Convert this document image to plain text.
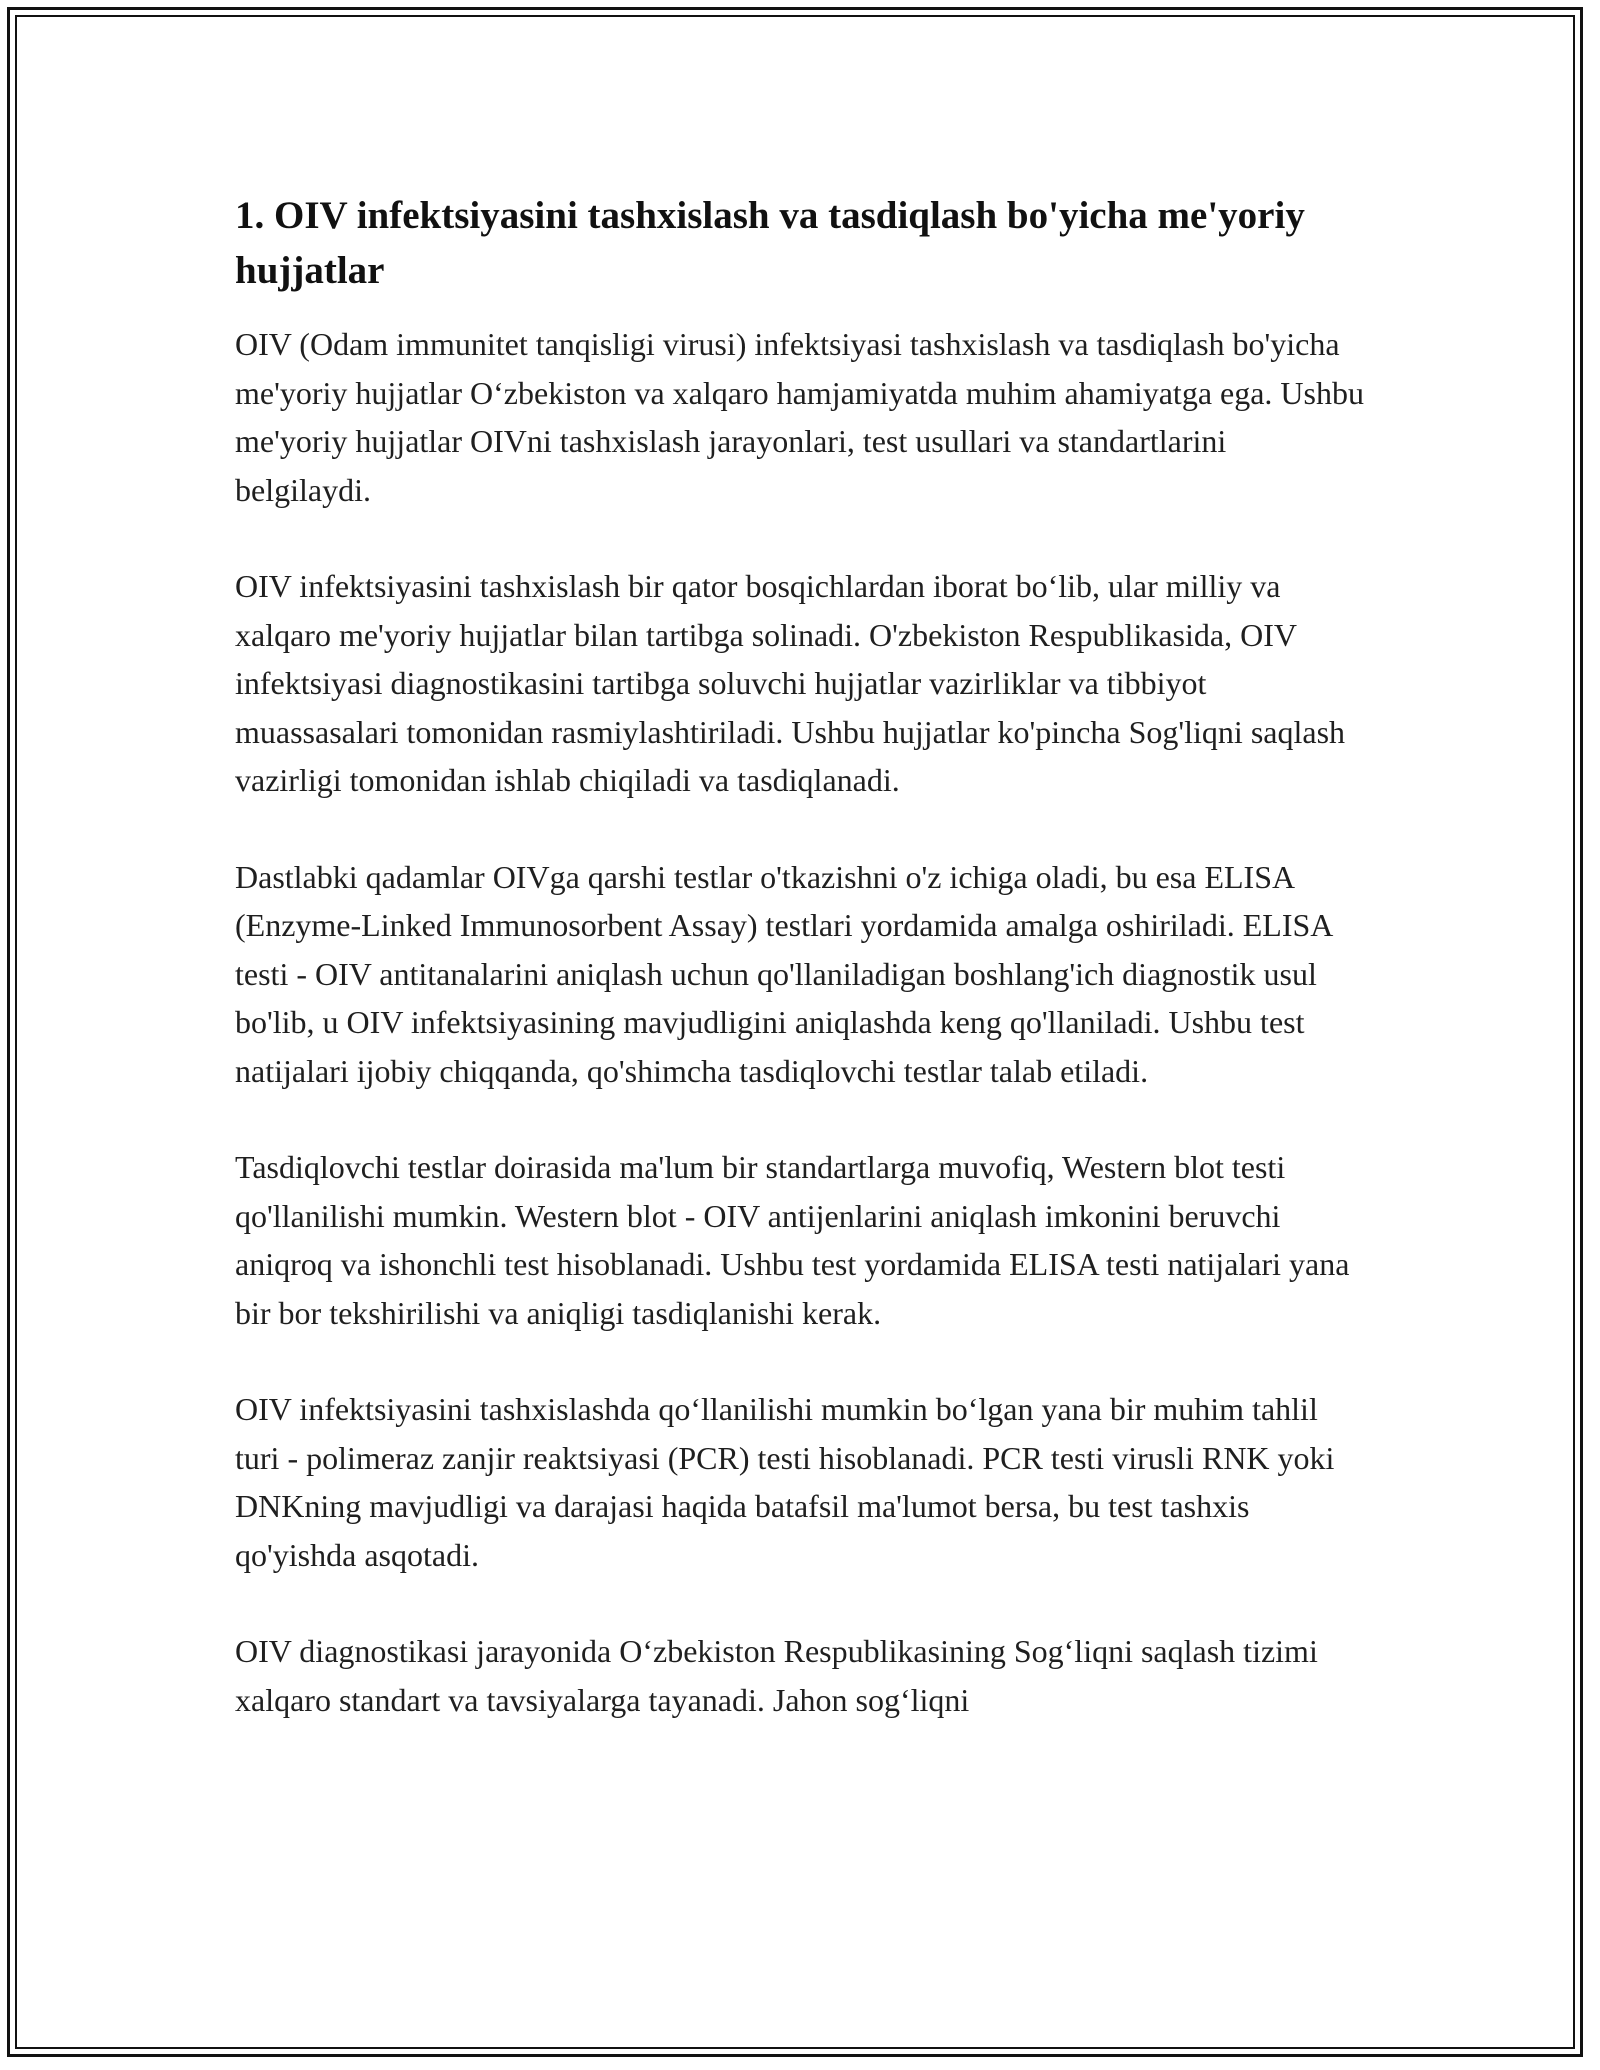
1. OIV infektsiyasini tashxislash va tasdiqlash bo'yicha me'yoriy hujjatlar

OIV (Odam immunitet tanqisligi virusi) infektsiyasi tashxislash va tasdiqlash bo'yicha me'yoriy hujjatlar O‘zbekiston va xalqaro hamjamiyatda muhim ahamiyatga ega. Ushbu me'yoriy hujjatlar OIVni tashxislash jarayonlari, test usullari va standartlarini belgilaydi.

OIV infektsiyasini tashxislash bir qator bosqichlardan iborat bo‘lib, ular milliy va xalqaro me'yoriy hujjatlar bilan tartibga solinadi. O'zbekiston Respublikasida, OIV infektsiyasi diagnostikasini tartibga soluvchi hujjatlar vazirliklar va tibbiyot muassasalari tomonidan rasmiylashtiriladi. Ushbu hujjatlar ko'pincha Sog'liqni saqlash vazirligi tomonidan ishlab chiqiladi va tasdiqlanadi.

Dastlabki qadamlar OIVga qarshi testlar o'tkazishni o'z ichiga oladi, bu esa ELISA (Enzyme-Linked Immunosorbent Assay) testlari yordamida amalga oshiriladi. ELISA testi - OIV antitanalarini aniqlash uchun qo'llaniladigan boshlang'ich diagnostik usul bo'lib, u OIV infektsiyasining mavjudligini aniqlashda keng qo'llaniladi. Ushbu test natijalari ijobiy chiqqanda, qo'shimcha tasdiqlovchi testlar talab etiladi.

Tasdiqlovchi testlar doirasida ma'lum bir standartlarga muvofiq, Western blot testi qo'llanilishi mumkin. Western blot - OIV antijenlarini aniqlash imkonini beruvchi aniqroq va ishonchli test hisoblanadi. Ushbu test yordamida ELISA testi natijalari yana bir bor tekshirilishi va aniqligi tasdiqlanishi kerak.

OIV infektsiyasini tashxislashda qo‘llanilishi mumkin bo‘lgan yana bir muhim tahlil turi - polimeraz zanjir reaktsiyasi (PCR) testi hisoblanadi. PCR testi virusli RNK yoki DNKning mavjudligi va darajasi haqida batafsil ma'lumot bersa, bu test tashxis qo'yishda asqotadi.

OIV diagnostikasi jarayonida O‘zbekiston Respublikasining Sog‘liqni saqlash tizimi xalqaro standart va tavsiyalarga tayanadi. Jahon sog‘liqni
